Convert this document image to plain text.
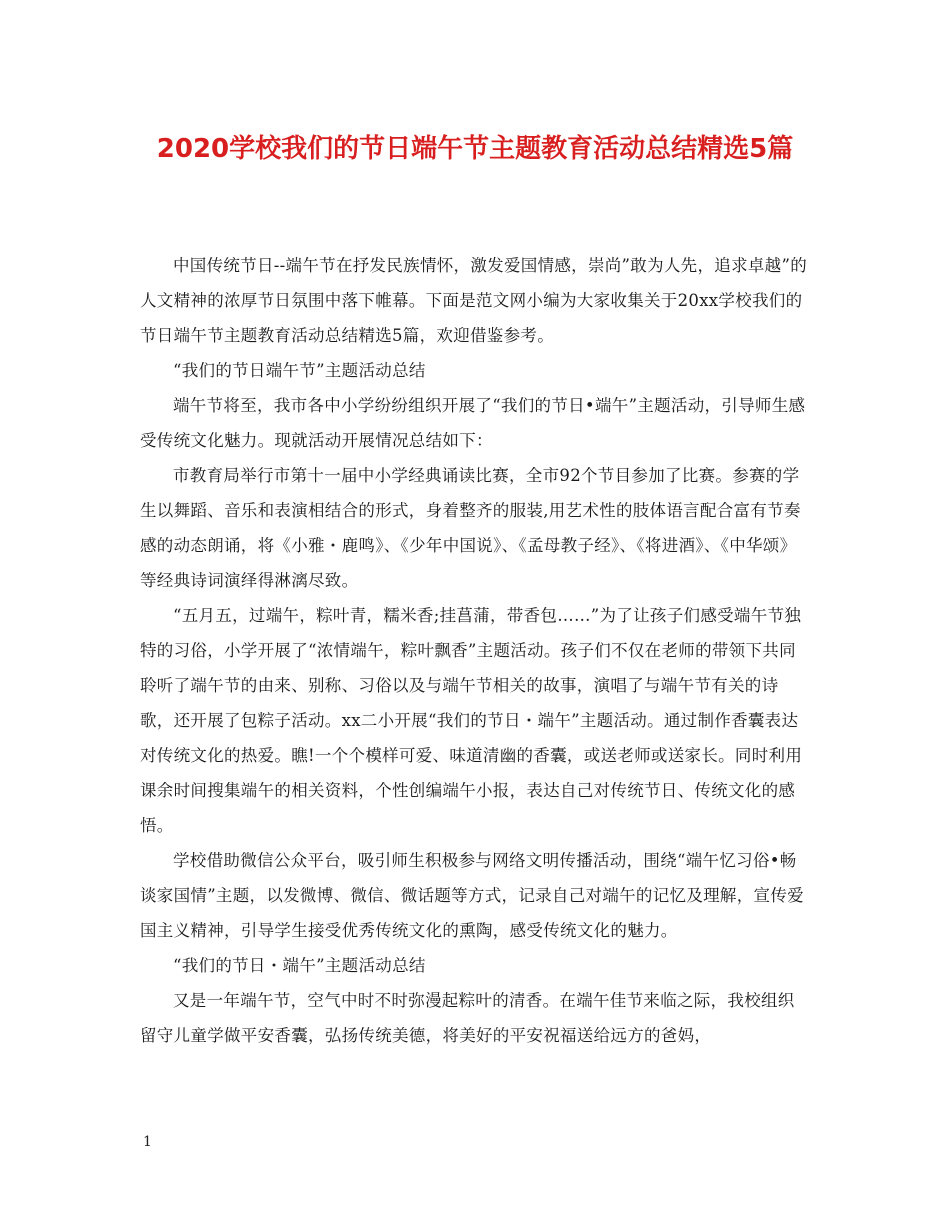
2020学校我们的节日端午节主题教育活动总结精选5篇

中国传统节日--端午节在抒发民族情怀，激发爱国情感，崇尚”敢为人先，追求卓越”的人文精神的浓厚节日氛围中落下帷幕。下面是范文网小编为大家收集关于20xx学校我们的节日端午节主题教育活动总结精选5篇，欢迎借鉴参考。

“我们的节日端午节”主题活动总结

端午节将至，我市各中小学纷纷组织开展了“我们的节日•端午”主题活动，引导师生感受传统文化魅力。现就活动开展情况总结如下：

市教育局举行市第十一届中小学经典诵读比赛，全市92个节目参加了比赛。参赛的学生以舞蹈、音乐和表演相结合的形式，身着整齐的服装,用艺术性的肢体语言配合富有节奏感的动态朗诵，将《小雅・鹿鸣》、《少年中国说》、《孟母教子经》、《将进酒》、《中华颂》等经典诗词演绎得淋漓尽致。

“五月五，过端午，粽叶青，糯米香;挂菖蒲，带香包……”为了让孩子们感受端午节独特的习俗，小学开展了“浓情端午，粽叶飘香”主题活动。孩子们不仅在老师的带领下共同聆听了端午节的由来、别称、习俗以及与端午节相关的故事，演唱了与端午节有关的诗歌，还开展了包粽子活动。xx二小开展“我们的节日・端午”主题活动。通过制作香囊表达对传统文化的热爱。瞧!一个个模样可爱、味道清幽的香囊，或送老师或送家长。同时利用课余时间搜集端午的相关资料，个性创编端午小报，表达自己对传统节日、传统文化的感悟。

学校借助微信公众平台，吸引师生积极参与网络文明传播活动，围绕“端午忆习俗•畅谈家国情”主题，以发微博、微信、微话题等方式，记录自己对端午的记忆及理解，宣传爱国主义精神，引导学生接受优秀传统文化的熏陶，感受传统文化的魅力。

“我们的节日・端午”主题活动总结

又是一年端午节，空气中时不时弥漫起粽叶的清香。在端午佳节来临之际，我校组织留守儿童学做平安香囊，弘扬传统美德，将美好的平安祝福送给远方的爸妈，

1
